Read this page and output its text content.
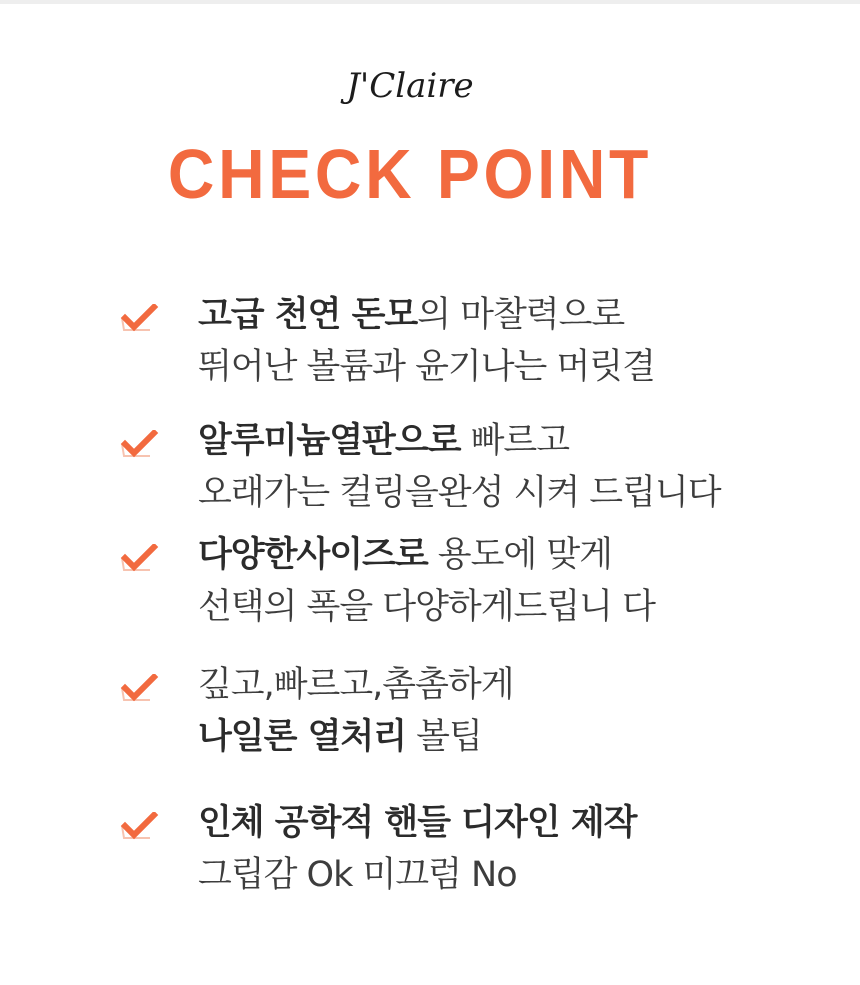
J'Claire
CHECK POINT
고급 천연 돈모의 마찰력으로
뛰어난 볼륨과 윤기나는 머릿결
알루미늄열판으로 빠르고
오래가는 컬링을완성 시켜 드립니다
다양한사이즈로 용도에 맞게
선택의 폭을 다양하게드립니 다
깊고,빠르고,촘촘하게
나일론 열처리 볼팁
인체 공학적 핸들 디자인 제작
그립감 Ok 미끄럼 No
